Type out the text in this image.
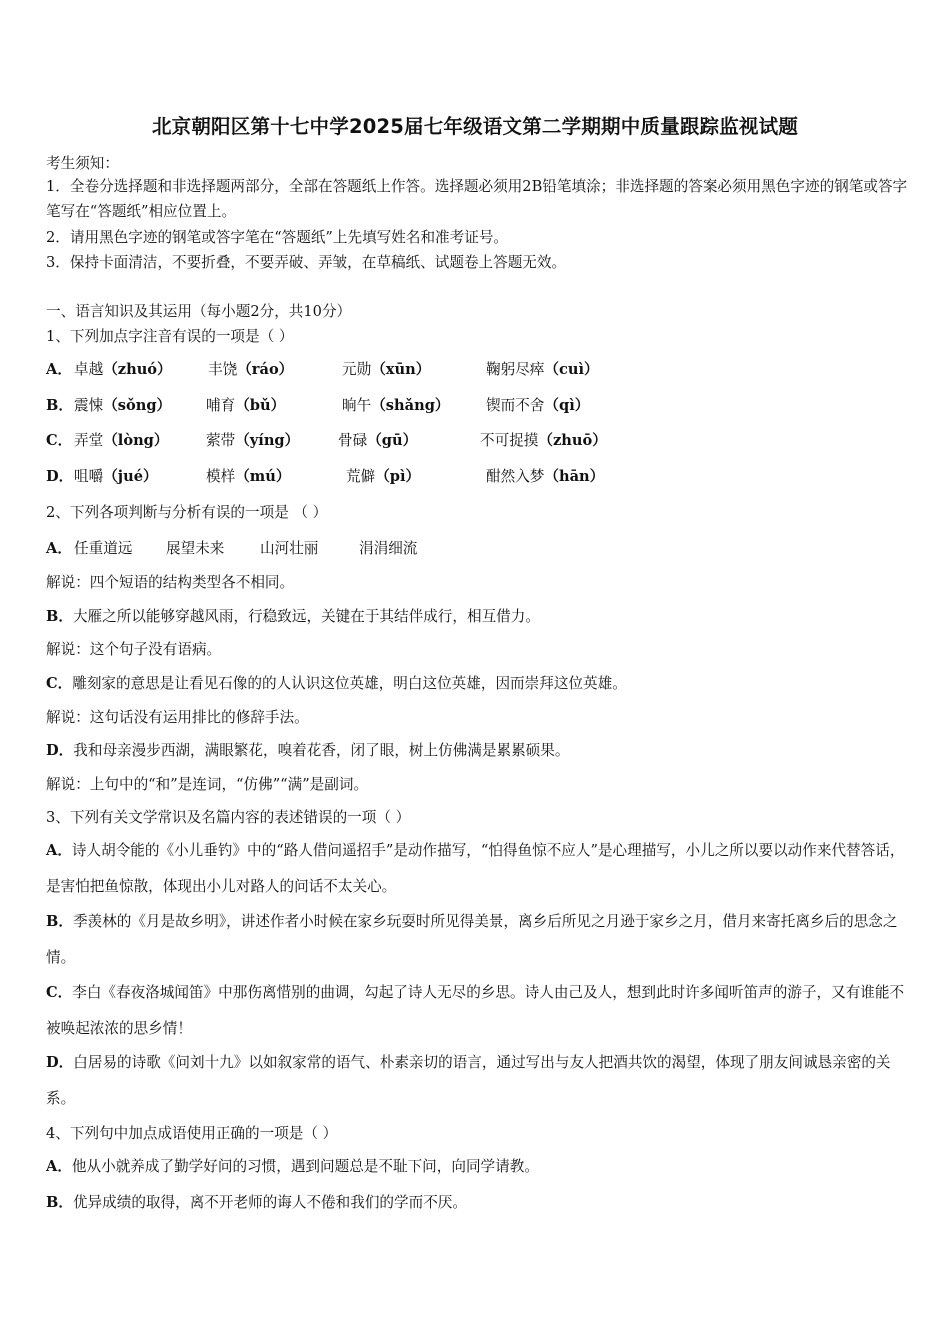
北京朝阳区第十七中学2025届七年级语文第二学期期中质量跟踪监视试题
考生须知：
1．全卷分选择题和非选择题两部分，全部在答题纸上作答。选择题必须用2B铅笔填涂；非选择题的答案必须用黑色字迹的钢笔或答字笔写在“答题纸”相应位置上。
2．请用黑色字迹的钢笔或答字笔在“答题纸”上先填写姓名和准考证号。
3．保持卡面清洁，不要折叠，不要弄破、弄皱，在草稿纸、试题卷上答题无效。
一、语言知识及其运用（每小题2分，共10分）
1、下列加点字注音有误的一项是（ ）
A． 卓越（zhuó） 丰饶（ráo）	元勋（xūn）	鞠躬尽瘁（cuì）
B． 震悚（sǒng） 哺育（bǔ）	晌午（shǎng）	锲而不舍（qì）
C． 弄堂（lòng）	萦带（yíng）	骨碌（gū）	不可捉摸（zhuō）
D． 咀嚼（jué）	模样（mú）	荒僻（pì）	酣然入梦（hān）
2、下列各项判断与分析有误的一项是 （ ）
A． 任重道远 展望未来 山河壮丽	涓涓细流
解说：四个短语的结构类型各不相同。
B．大雁之所以能够穿越风雨，行稳致远，关键在于其结伴成行，相互借力。
解说：这个句子没有语病。
C．雕刻家的意思是让看见石像的的人认识这位英雄，明白这位英雄，因而崇拜这位英雄。
解说：这句话没有运用排比的修辞手法。
D．我和母亲漫步西湖，满眼繁花，嗅着花香，闭了眼，树上仿佛满是累累硕果。
解说：上句中的“和”是连词，“仿佛”“满”是副词。
3、下列有关文学常识及名篇内容的表述错误的一项（ ）
A．诗人胡令能的《小儿垂钓》中的“路人借问遥招手”是动作描写，“怕得鱼惊不应人”是心理描写，小儿之所以要以动作来代替答话，是害怕把鱼惊散，体现出小儿对路人的问话不太关心。
B．季羡林的《月是故乡明》，讲述作者小时候在家乡玩耍时所见得美景，离乡后所见之月逊于家乡之月，借月来寄托离乡后的思念之情。
C．李白《春夜洛城闻笛》中那伤离惜别的曲调，勾起了诗人无尽的乡思。诗人由己及人，想到此时许多闻听笛声的游子，又有谁能不被唤起浓浓的思乡情！
D．白居易的诗歌《问刘十九》以如叙家常的语气、朴素亲切的语言，通过写出与友人把酒共饮的渴望，体现了朋友间诚恳亲密的关系。
4、下列句中加点成语使用正确的一项是（ ）
A．他从小就养成了勤学好问的习惯，遇到问题总是不耻下问，向同学请教。
B．优异成绩的取得，离不开老师的诲人不倦和我们的学而不厌。
